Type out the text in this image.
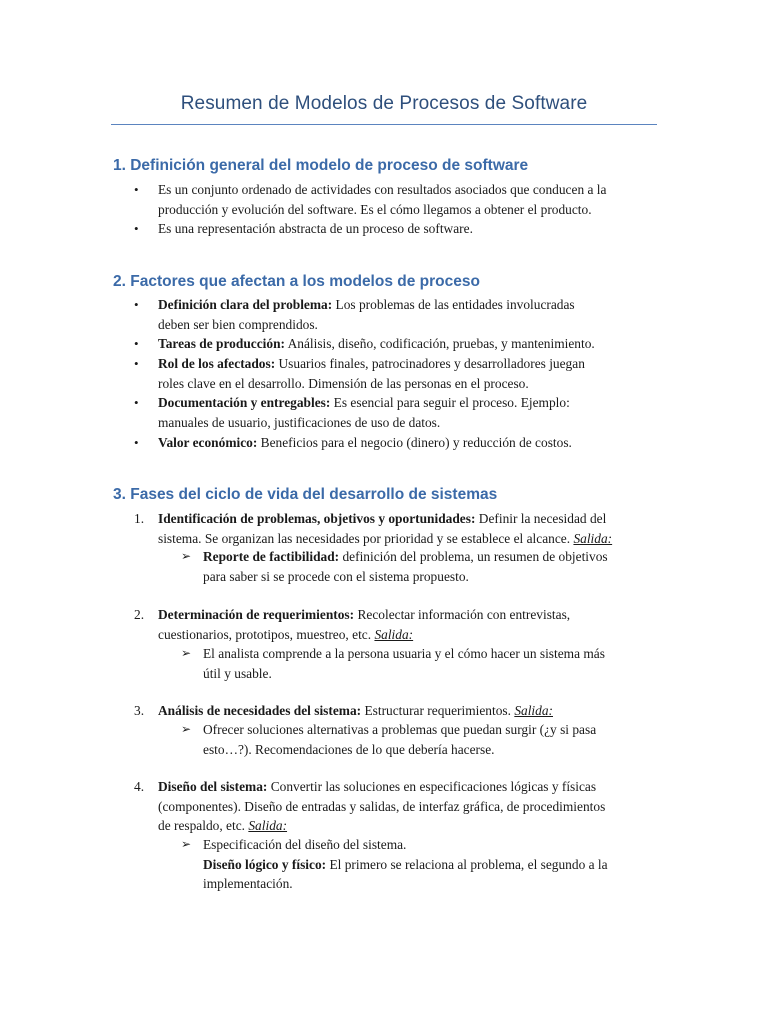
Resumen de Modelos de Procesos de Software
1. Definición general del modelo de proceso de software
•	Es un conjunto ordenado de actividades con resultados asociados que conducen a la
producción y evolución del software. Es el cómo llegamos a obtener el producto.
•	Es una representación abstracta de un proceso de software.
2. Factores que afectan a los modelos de proceso
•	Definición clara del problema: Los problemas de las entidades involucradas
deben ser bien comprendidos.
•	Tareas de producción: Análisis, diseño, codificación, pruebas, y mantenimiento.
•	Rol de los afectados: Usuarios finales, patrocinadores y desarrolladores juegan
roles clave en el desarrollo. Dimensión de las personas en el proceso.
•	Documentación y entregables: Es esencial para seguir el proceso. Ejemplo:
manuales de usuario, justificaciones de uso de datos.
•	Valor económico: Beneficios para el negocio (dinero) y reducción de costos.
3. Fases del ciclo de vida del desarrollo de sistemas
1. Identificación de problemas, objetivos y oportunidades: Definir la necesidad del
sistema. Se organizan las necesidades por prioridad y se establece el alcance. Salida:
➢ Reporte de factibilidad: definición del problema, un resumen de objetivos
para saber si se procede con el sistema propuesto.
2. Determinación de requerimientos: Recolectar información con entrevistas,
cuestionarios, prototipos, muestreo, etc. Salida:
➢ El analista comprende a la persona usuaria y el cómo hacer un sistema más
útil y usable.
3. Análisis de necesidades del sistema: Estructurar requerimientos. Salida:
➢ Ofrecer soluciones alternativas a problemas que puedan surgir (¿y si pasa
esto…?). Recomendaciones de lo que debería hacerse.
4. Diseño del sistema: Convertir las soluciones en especificaciones lógicas y físicas
(componentes). Diseño de entradas y salidas, de interfaz gráfica, de procedimientos
de respaldo, etc. Salida:
➢ Especificación del diseño del sistema.
Diseño lógico y físico: El primero se relaciona al problema, el segundo a la
implementación.
